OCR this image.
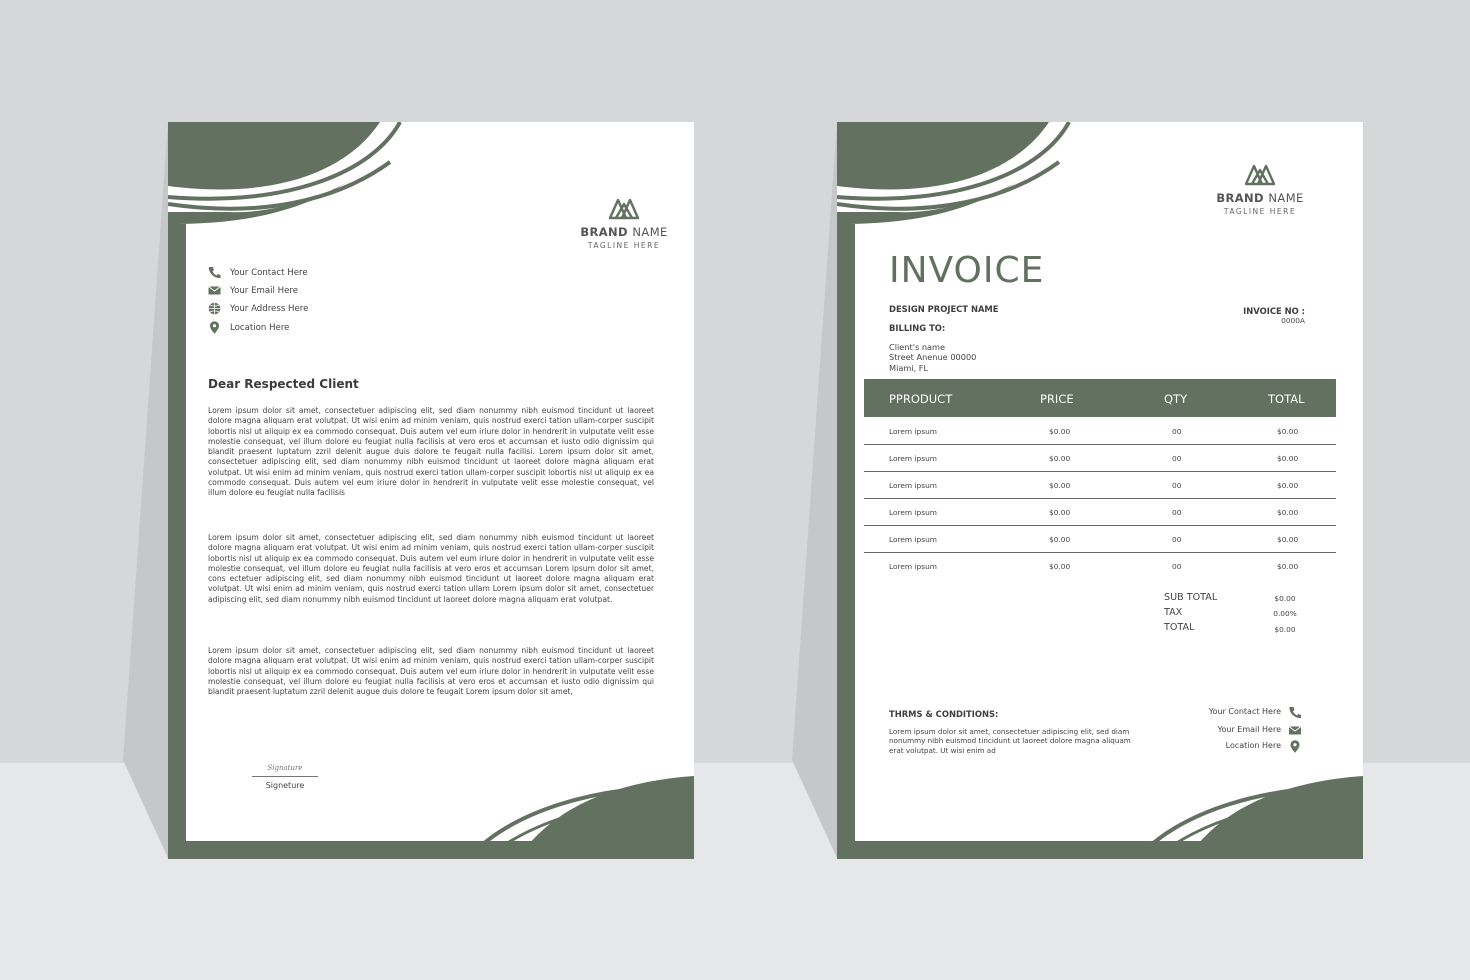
BRAND NAME
TAGLINE HERE
Your Contact Here
Your Email Here
Your Address Here
Location Here
Dear Respected Client

Lorem ipsum dolor sit amet, consectetuer adipiscing elit, sed diam nonummy nibh euismod tincidunt ut laoreet dolore magna aliquam erat volutpat. Ut wisi enim ad minim veniam, quis nostrud exerci tation ullam-corper suscipit lobortis nisl ut aliquip ex ea commodo consequat. Duis autem vel eum iriure dolor in hendrerit in vulputate velit esse molestie consequat, vel illum dolore eu feugiat nulla facilisis at vero eros et accumsan et iusto odio dignissim qui blandit praesent luptatum zzril delenit augue duis dolore te feugait nulla facilisi. Lorem ipsum dolor sit amet, consectetuer adipiscing elit, sed diam nonummy nibh euismod tincidunt ut laoreet dolore magna aliquam erat volutpat. Ut wisi enim ad minim veniam, quis nostrud exerci tation ullam-corper suscipit lobortis nisl ut aliquip ex ea commodo consequat. Duis autem vel eum iriure dolor in hendrerit in vulputate velit esse molestie consequat, vel illum dolore eu feugiat nulla facilisis

Lorem ipsum dolor sit amet, consectetuer adipiscing elit, sed diam nonummy nibh euismod tincidunt ut laoreet dolore magna aliquam erat volutpat. Ut wisi enim ad minim veniam, quis nostrud exerci tation ullam-corper suscipit lobortis nisl ut aliquip ex ea commodo consequat. Duis autem vel eum iriure dolor in hendrerit in vulputate velit esse molestie consequat, vel illum dolore eu feugiat nulla facilisis at vero eros et accumsan Lorem ipsum dolor sit amet, cons ectetuer adipiscing elit, sed diam nonummy nibh euismod tincidunt ut laoreet dolore magna aliquam erat volutpat. Ut wisi enim ad minim veniam, quis nostrud exerci tation ullam Lorem ipsum dolor sit amet, consectetuer adipiscing elit, sed diam nonummy nibh euismod tincidunt ut laoreet dolore magna aliquam erat volutpat.

Lorem ipsum dolor sit amet, consectetuer adipiscing elit, sed diam nonummy nibh euismod tincidunt ut laoreet dolore magna aliquam erat volutpat. Ut wisi enim ad minim veniam, quis nostrud exerci tation ullam-corper suscipit lobortis nisl ut aliquip ex ea commodo consequat. Duis autem vel eum iriure dolor in hendrerit in vulputate velit esse molestie consequat, vel illum dolore eu feugiat nulla facilisis at vero eros et accumsan et iusto odio dignissim qui blandit praesent luptatum zzril delenit augue duis dolore te feugait Lorem ipsum dolor sit amet,

Signature
Signeture
BRAND NAME
TAGLINE HERE
INVOICE
DESIGN PROJECT NAME
BILLING TO:
Client's name
Street Anenue 00000
Miami, FL
INVOICE NO :
0000A
PPRODUCT	PRICE	QTY	TOTAL
Lorem ipsum	$0.00	00	$0.00
Lorem ipsum	$0.00	00	$0.00
Lorem ipsum	$0.00	00	$0.00
Lorem ipsum	$0.00	00	$0.00
Lorem ipsum	$0.00	00	$0.00
Lorem ipsum	$0.00	00	$0.00
SUB TOTAL	$0.00
TAX	0.00%
TOTAL	$0.00
THRMS & CONDITIONS:

Lorem ipsum dolor sit amet, consectetuer adipiscing elit, sed diam nonummy nibh euismod tincidunt ut laoreet dolore magna aliquam erat volutpat. Ut wisi enim ad

Your Contact Here
Your Email Here
Location Here
